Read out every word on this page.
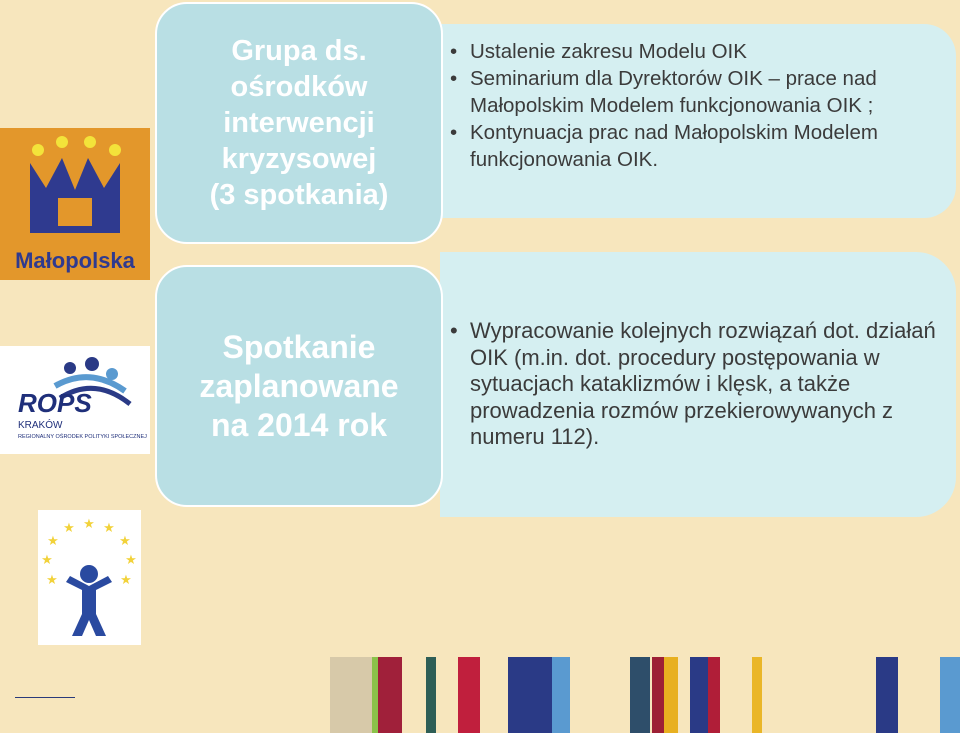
Małopolska
ROPS
KRAKÓW
REGIONALNY OŚRODEK POLITYKI SPOŁECZNEJ
★ ★
★
★
★
★
★
★
★
• Ustalenie zakresu Modelu OIK
• Seminarium dla Dyrektorów OIK – prace nad Małopolskim Modelem funkcjonowania OIK ;
• Kontynuacja prac nad Małopolskim Modelem funkcjonowania OIK.
Grupa ds.
ośrodków
interwencji
kryzysowej
(3 spotkania)
• Wypracowanie kolejnych rozwiązań dot. działań OIK (m.in. dot. procedury postępowania w sytuacjach kataklizmów i klęsk, a także prowadzenia rozmów przekierowywanych z numeru 112).
Spotkanie
zaplanowane
na 2014 rok
